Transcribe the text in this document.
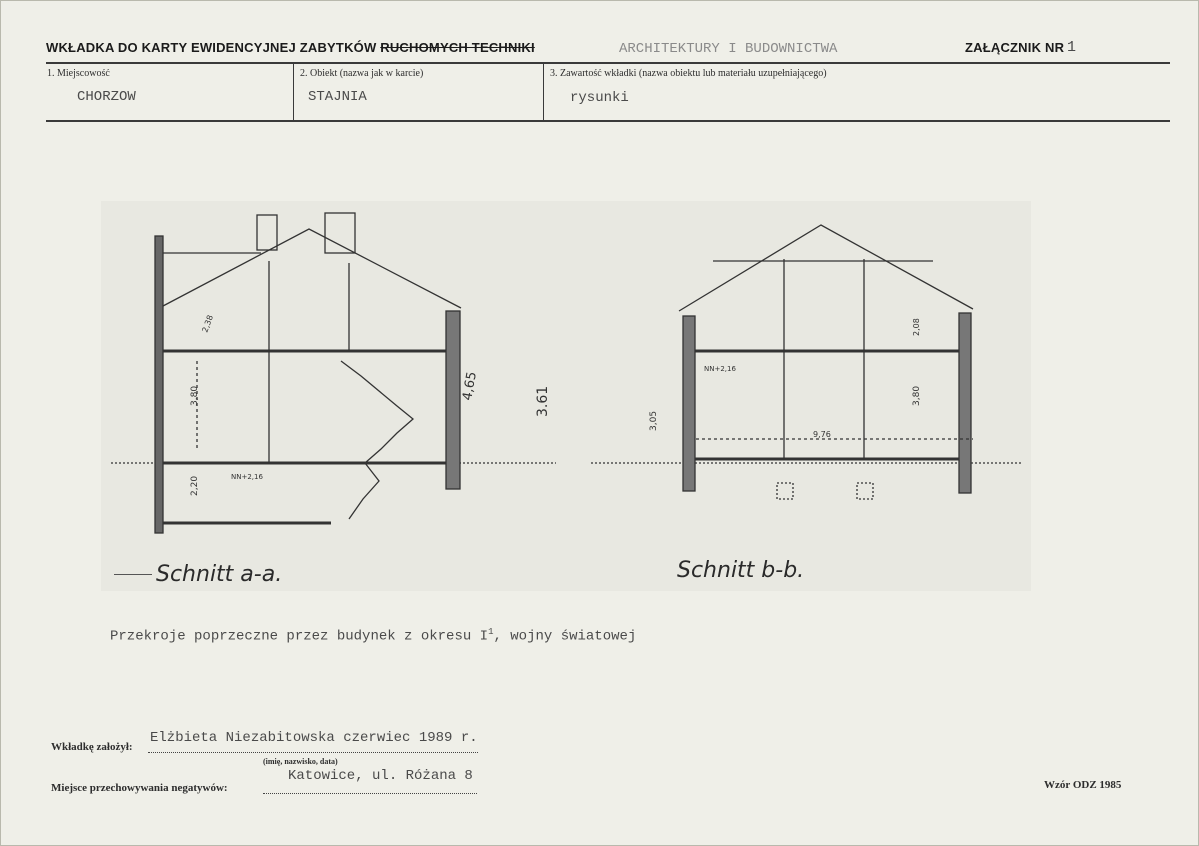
WKŁADKA DO KARTY EWIDENCYJNEJ ZABYTKÓW RUCHOMYCH TECHNIKI	ARCHITEKTURY I BUDOWNICTWA	ZAŁĄCZNIK NR 1
1. Miejscowość
CHORZOW
2. Obiekt (nazwa jak w karcie)
STAJNIA
3. Zawartość wkładki (nazwa obiektu lub materiału uzupełniającego)
rysunki
3,80
2,20
2,38
NN+2,16
4,65	3.61
3,05
3,80
2,08
9,76
NN+2,16
Schnitt a-a.	Schnitt b-b.
Przekroje poprzeczne przez budynek z okresu $I^1$, wojny światowej
Wkładkę założył:
Elżbieta Niezabitowska czerwiec 1989 r.
(imię, nazwisko, data)
Miejsce przechowywania negatywów:
Katowice, ul. Różana 8
Wzór ODZ 1985
